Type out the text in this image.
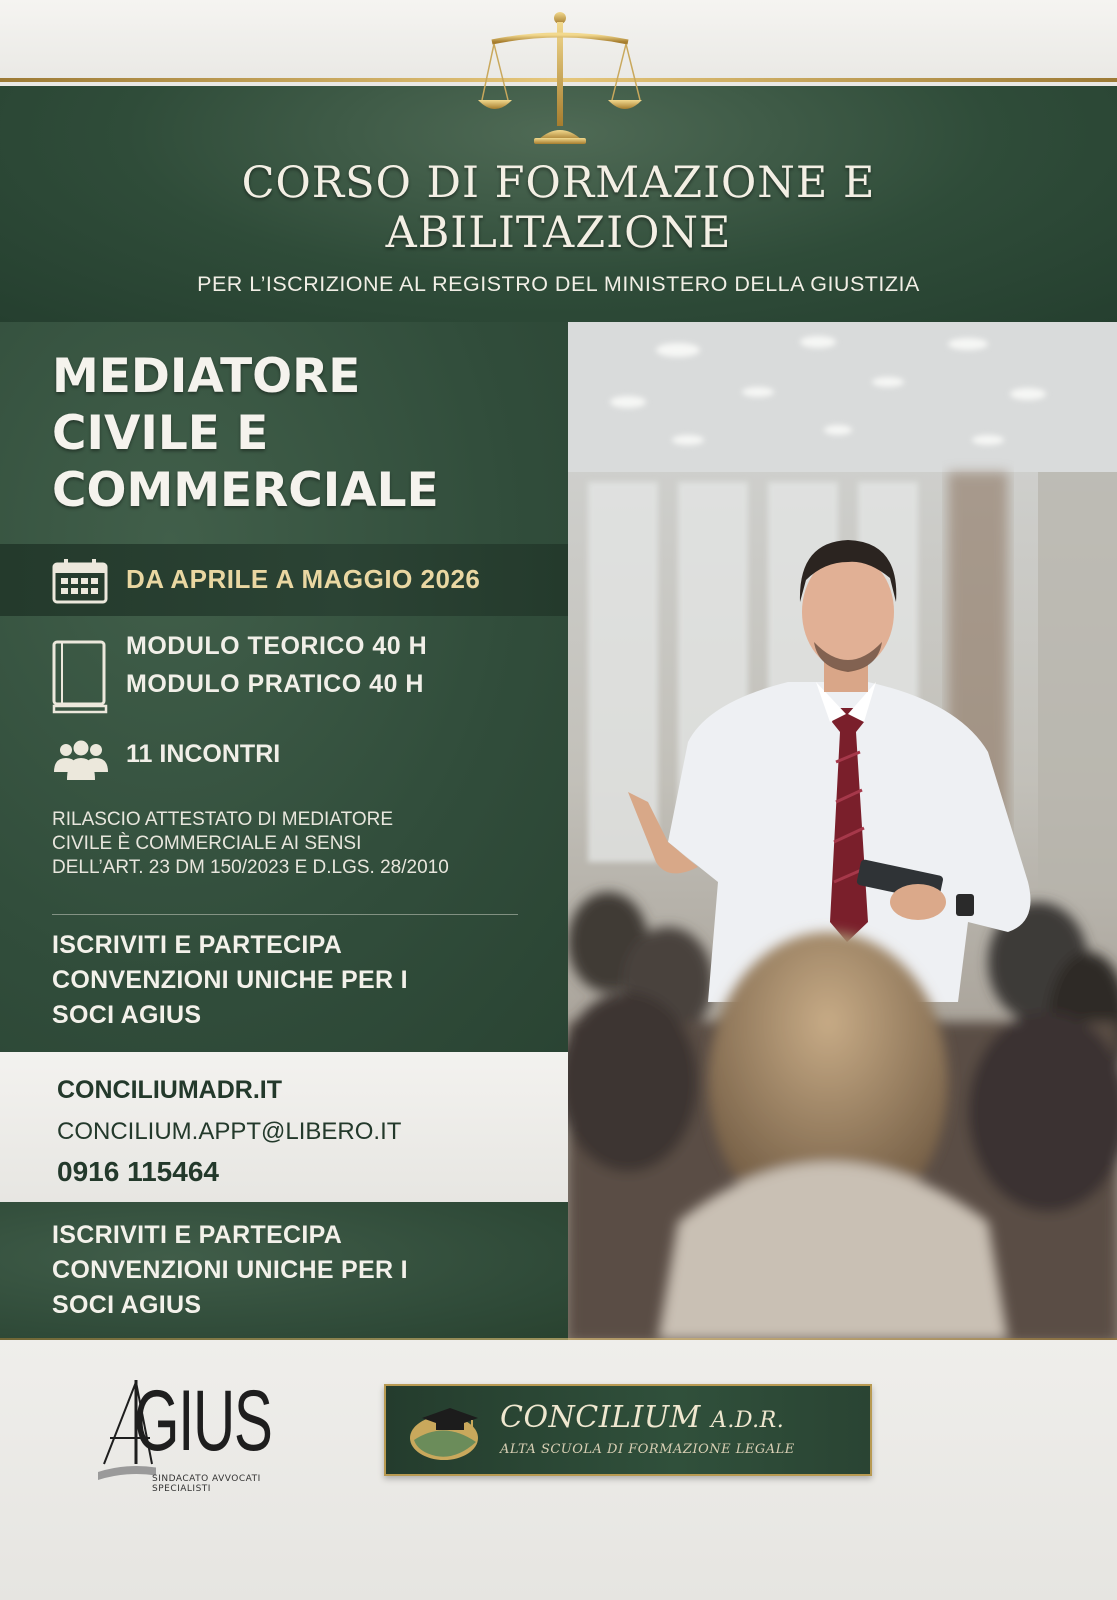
CORSO DI FORMAZIONE E
ABILITAZIONE
PER L’ISCRIZIONE AL REGISTRO DEL MINISTERO DELLA GIUSTIZIA
MEDIATORE
CIVILE E
COMMERCIALE
DA APRILE A MAGGIO 2026
MODULO TEORICO 40 H
MODULO PRATICO 40 H
11 INCONTRI

RILASCIO ATTESTATO DI MEDIATORE
CIVILE È COMMERCIALE AI SENSI
DELL’ART. 23 DM 150/2023 E D.LGS. 28/2010

ISCRIVITI E PARTECIPA
CONVENZIONI UNICHE PER I
SOCI AGIUS

CONCILIUMADR.IT
CONCILIUM.APPT@LIBERO.IT
0916 115464

ISCRIVITI E PARTECIPA
CONVENZIONI UNICHE PER I
SOCI AGIUS

GIUS
SINDACATO AVVOCATI SPECIALISTI
CONCILIUM A.D.R.
ALTA SCUOLA DI FORMAZIONE LEGALE
